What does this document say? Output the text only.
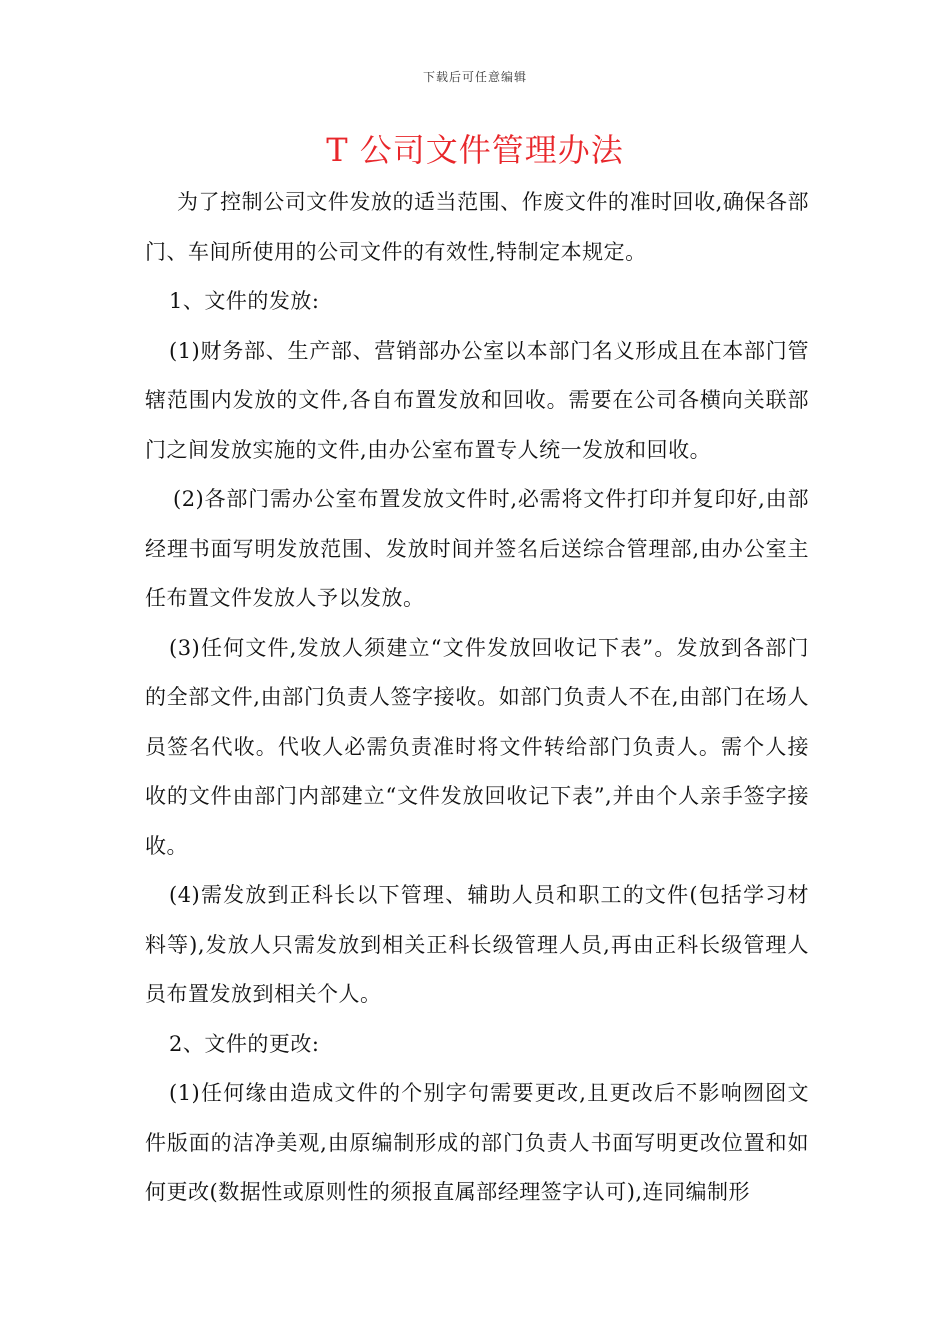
下载后可任意编辑
T 公司文件管理办法

为了控制公司文件发放的适当范围、作废文件的准时回收,确保各部门、车间所使用的公司文件的有效性,特制定本规定。

1、文件的发放:

(1)财务部、生产部、营销部办公室以本部门名义形成且在本部门管辖范围内发放的文件,各自布置发放和回收。需要在公司各横向关联部门之间发放实施的文件,由办公室布置专人统一发放和回收。

(2)各部门需办公室布置发放文件时,必需将文件打印并复印好,由部经理书面写明发放范围、发放时间并签名后送综合管理部,由办公室主任布置文件发放人予以发放。

(3)任何文件,发放人须建立“文件发放回收记下表”。发放到各部门的全部文件,由部门负责人签字接收。如部门负责人不在,由部门在场人员签名代收。代收人必需负责准时将文件转给部门负责人。需个人接收的文件由部门内部建立“文件发放回收记下表”,并由个人亲手签字接收。

(4)需发放到正科长以下管理、辅助人员和职工的文件(包括学习材料等),发放人只需发放到相关正科长级管理人员,再由正科长级管理人员布置发放到相关个人。

2、文件的更改:

(1)任何缘由造成文件的个别字句需要更改,且更改后不影响囫囵文件版面的洁净美观,由原编制形成的部门负责人书面写明更改位置和如何更改(数据性或原则性的须报直属部经理签字认可),连同编制形
